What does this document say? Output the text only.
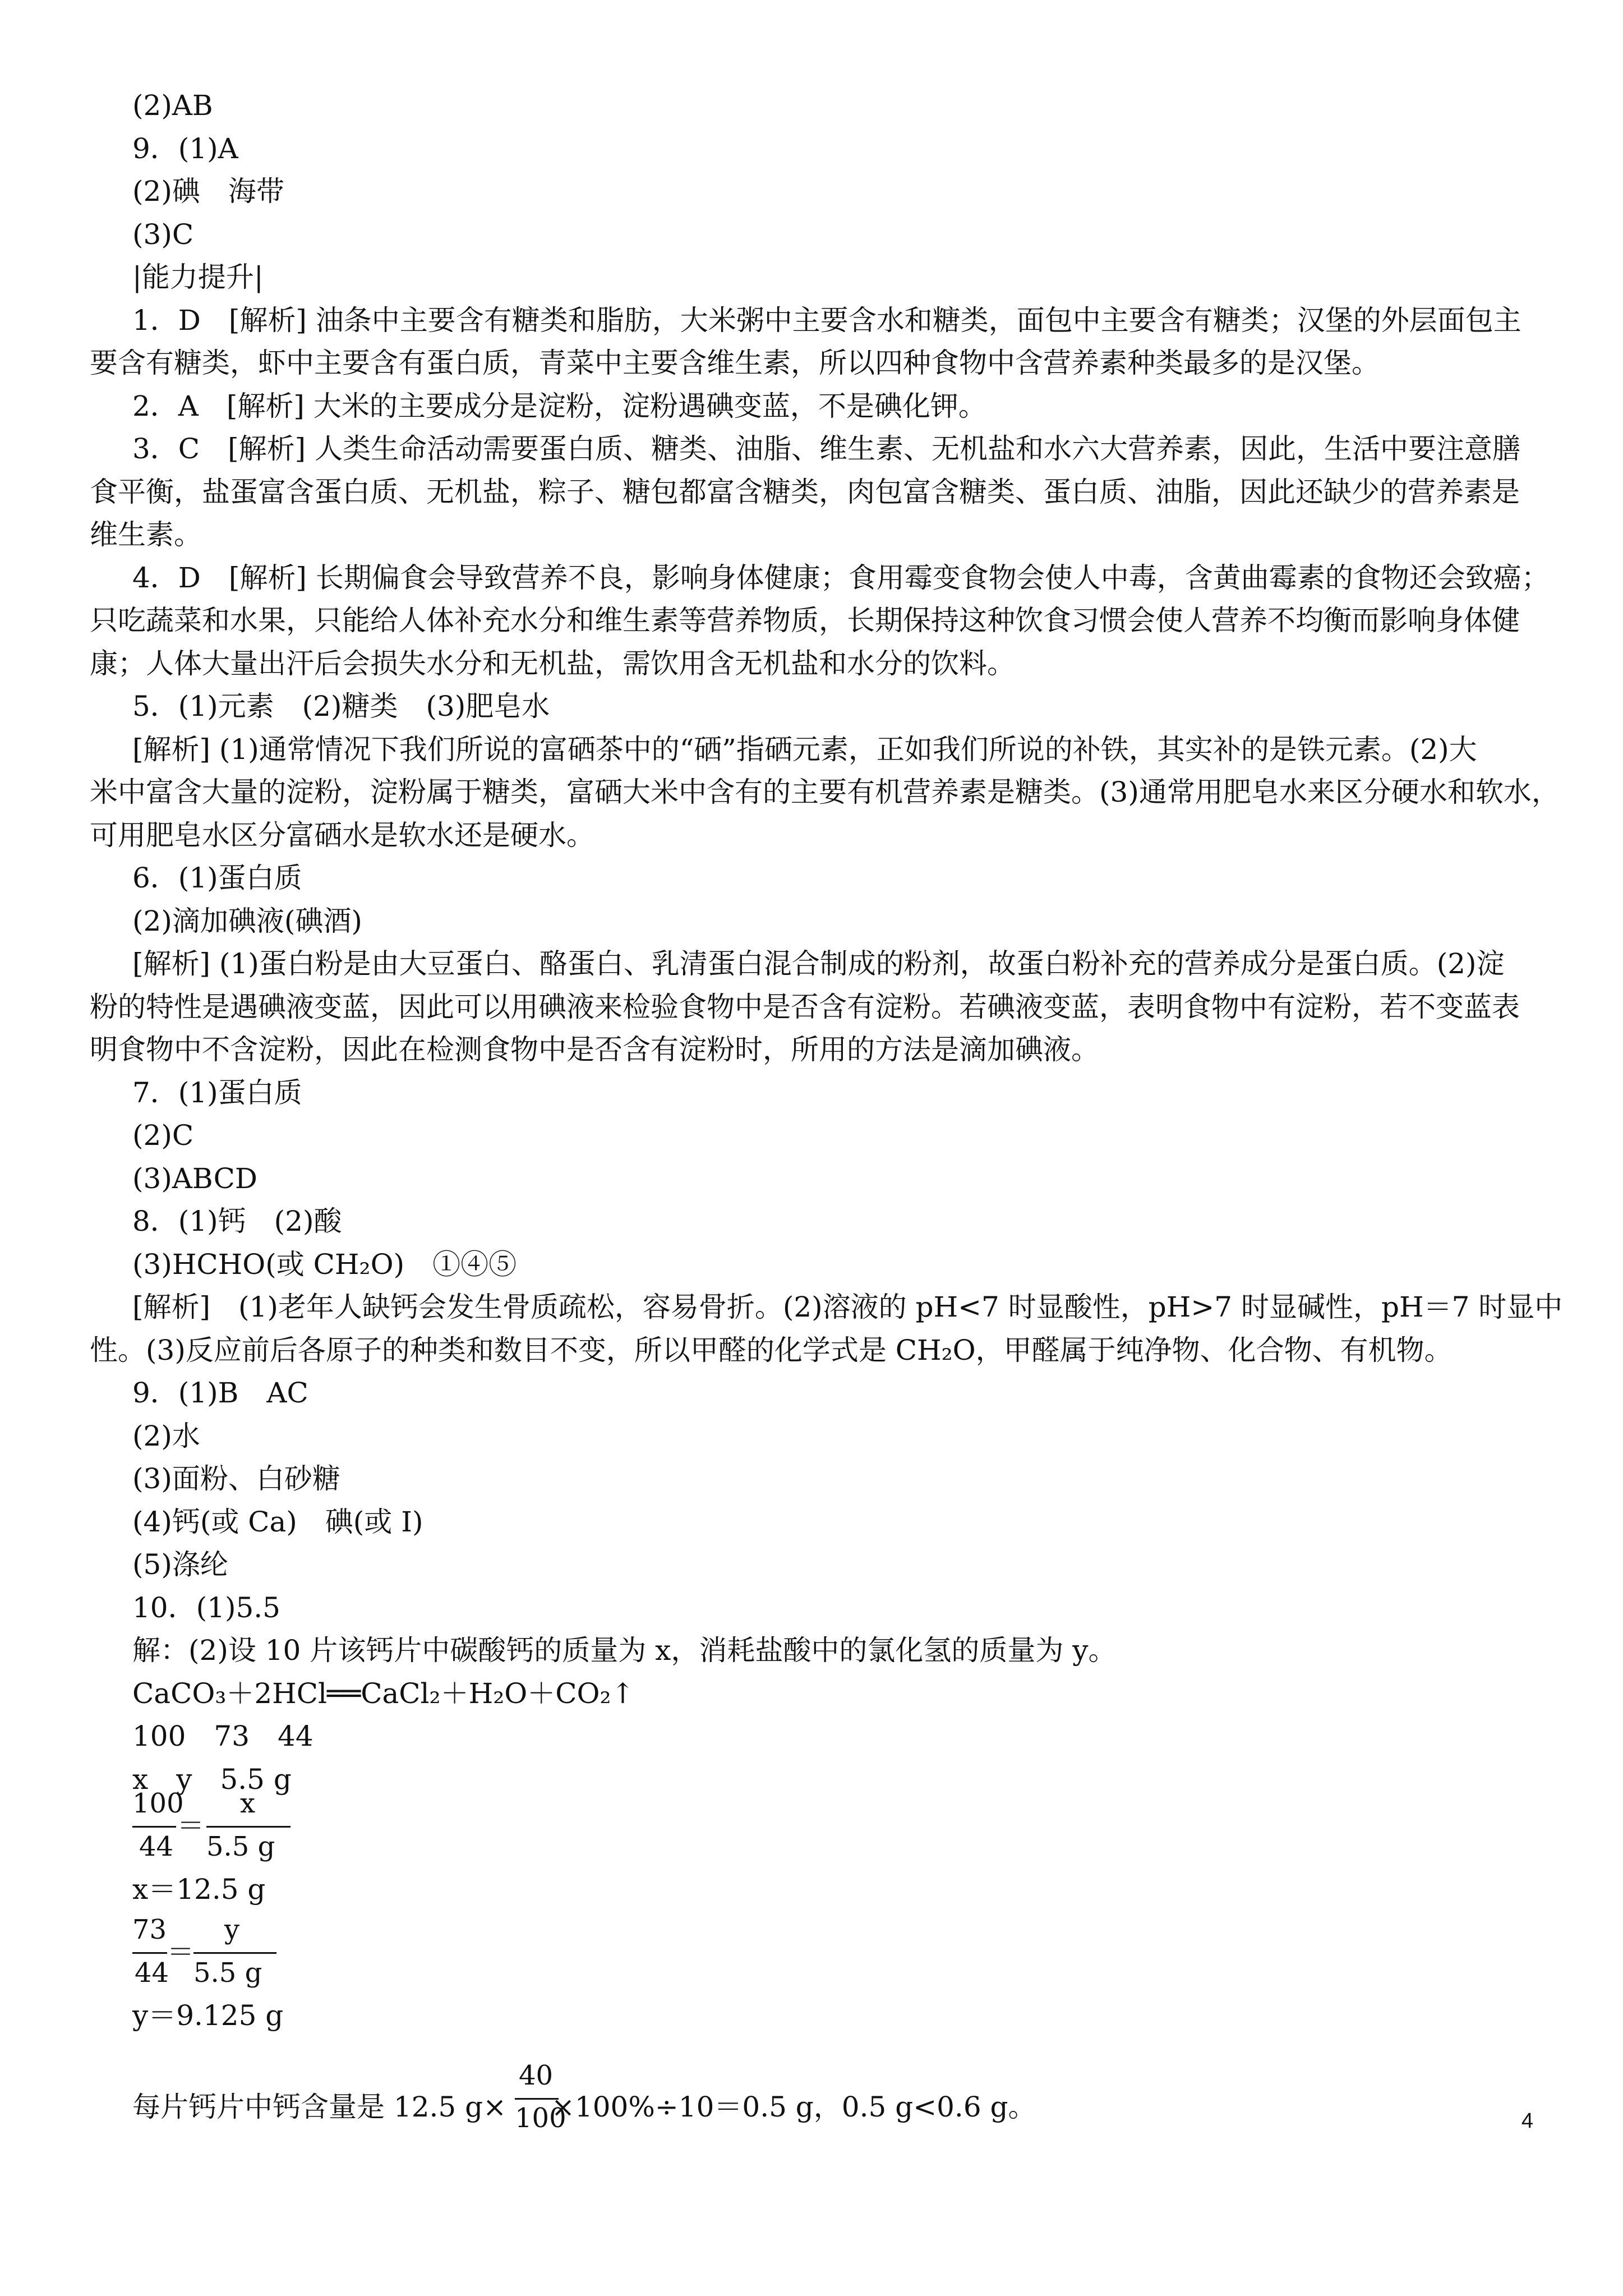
(2)AB
9．(1)A
(2)碘　海带
(3)C
|能力提升|
1．D　[解析] 油条中主要含有糖类和脂肪，大米粥中主要含水和糖类，面包中主要含有糖类；汉堡的外层面包主
要含有糖类，虾中主要含有蛋白质，青菜中主要含维生素，所以四种食物中含营养素种类最多的是汉堡。
2．A　[解析] 大米的主要成分是淀粉，淀粉遇碘变蓝，不是碘化钾。
3．C　[解析] 人类生命活动需要蛋白质、糖类、油脂、维生素、无机盐和水六大营养素，因此，生活中要注意膳
食平衡，盐蛋富含蛋白质、无机盐，粽子、糖包都富含糖类，肉包富含糖类、蛋白质、油脂，因此还缺少的营养素是
维生素。
4．D　[解析] 长期偏食会导致营养不良，影响身体健康；食用霉变食物会使人中毒，含黄曲霉素的食物还会致癌；
只吃蔬菜和水果，只能给人体补充水分和维生素等营养物质，长期保持这种饮食习惯会使人营养不均衡而影响身体健
康；人体大量出汗后会损失水分和无机盐，需饮用含无机盐和水分的饮料。
5．(1)元素　(2)糖类　(3)肥皂水
[解析] (1)通常情况下我们所说的富硒茶中的“硒”指硒元素，正如我们所说的补铁，其实补的是铁元素。(2)大
米中富含大量的淀粉，淀粉属于糖类，富硒大米中含有的主要有机营养素是糖类。(3)通常用肥皂水来区分硬水和软水，
可用肥皂水区分富硒水是软水还是硬水。
6．(1)蛋白质
(2)滴加碘液(碘酒)
[解析] (1)蛋白粉是由大豆蛋白、酪蛋白、乳清蛋白混合制成的粉剂，故蛋白粉补充的营养成分是蛋白质。(2)淀
粉的特性是遇碘液变蓝，因此可以用碘液来检验食物中是否含有淀粉。若碘液变蓝，表明食物中有淀粉，若不变蓝表
明食物中不含淀粉，因此在检测食物中是否含有淀粉时，所用的方法是滴加碘液。
7．(1)蛋白质
(2)C
(3)ABCD
8．(1)钙　(2)酸
(3)HCHO(或 CH₂O)　①④⑤
[解析]　(1)老年人缺钙会发生骨质疏松，容易骨折。(2)溶液的 pH<7 时显酸性，pH>7 时显碱性，pH＝7 时显中
性。(3)反应前后各原子的种类和数目不变，所以甲醛的化学式是 CH₂O，甲醛属于纯净物、化合物、有机物。
9．(1)B　AC
(2)水
(3)面粉、白砂糖
(4)钙(或 Ca)　碘(或 I)
(5)涤纶
10．(1)5.5
解：(2)设 10 片该钙片中碳酸钙的质量为 x，消耗盐酸中的氯化氢的质量为 y。
CaCO₃＋2HCl══CaCl₂＋H₂O＋CO₂↑
100　73　44
x　y　5.5 g
100
44
＝
x
5.5 g
x＝12.5 g
73
44
＝
y
5.5 g
y＝9.125 g
每片钙片中钙含量是 12.5 g× ×100%÷10＝0.5 g，0.5 g<0.6 g。
40
100	4
